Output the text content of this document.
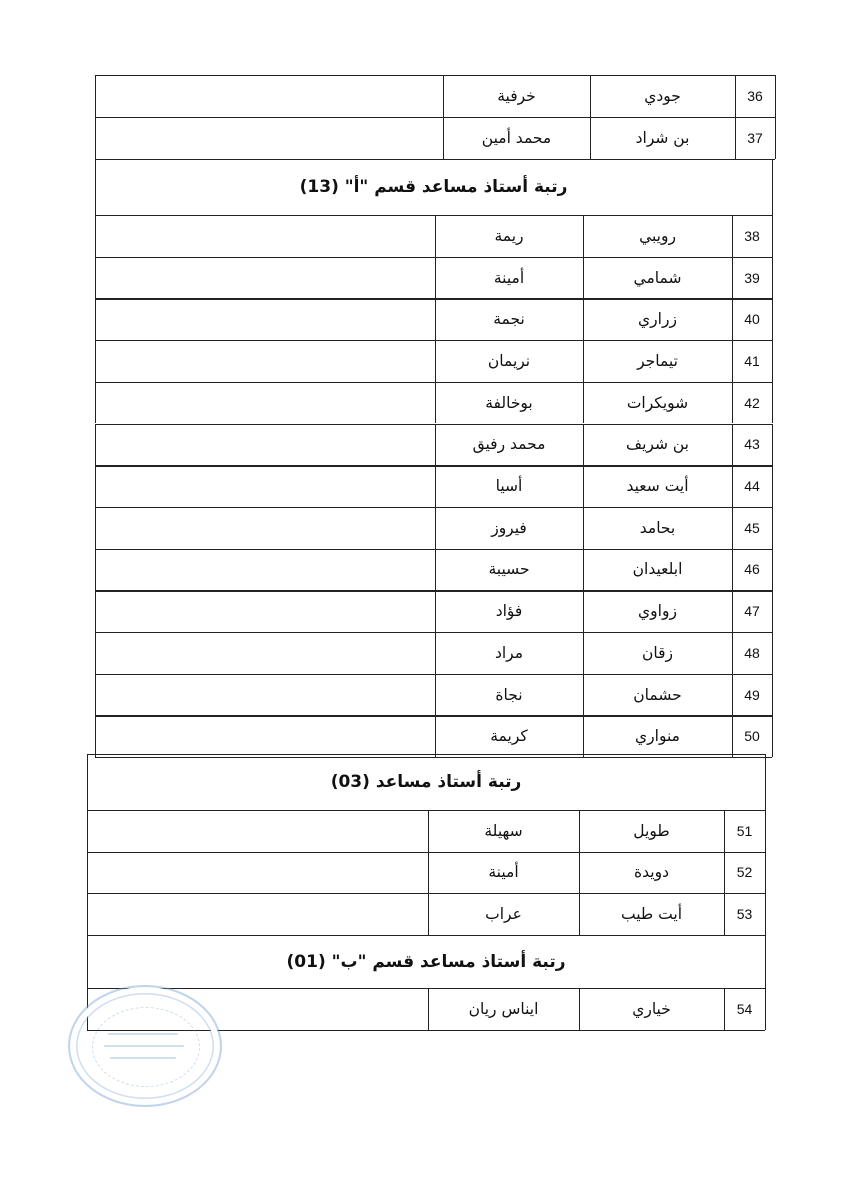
خرفية	جودي	36
محمد أمين	بن شراد	37
رتبة أستاذ مساعد قسم "أ" (13)
ريمة	رويبي	38
أمينة	شمامي	39
نجمة	زراري	40
نريمان	تيماجر	41
بوخالفة	شويكرات	42
محمد رفيق	بن شريف	43
أسيا	أيت سعيد	44
فيروز	بحامد	45
حسيبة	ابلعيدان	46
فؤاد	زواوي	47
مراد	زقان	48
نجاة	حشمان	49
كريمة	منواري	50
رتبة أستاذ مساعد (03)
سهيلة	طويل	51
أمينة	دويدة	52
عراب	أيت طيب	53
رتبة أستاذ مساعد قسم "ب" (01)
ايناس ريان	خياري	54
